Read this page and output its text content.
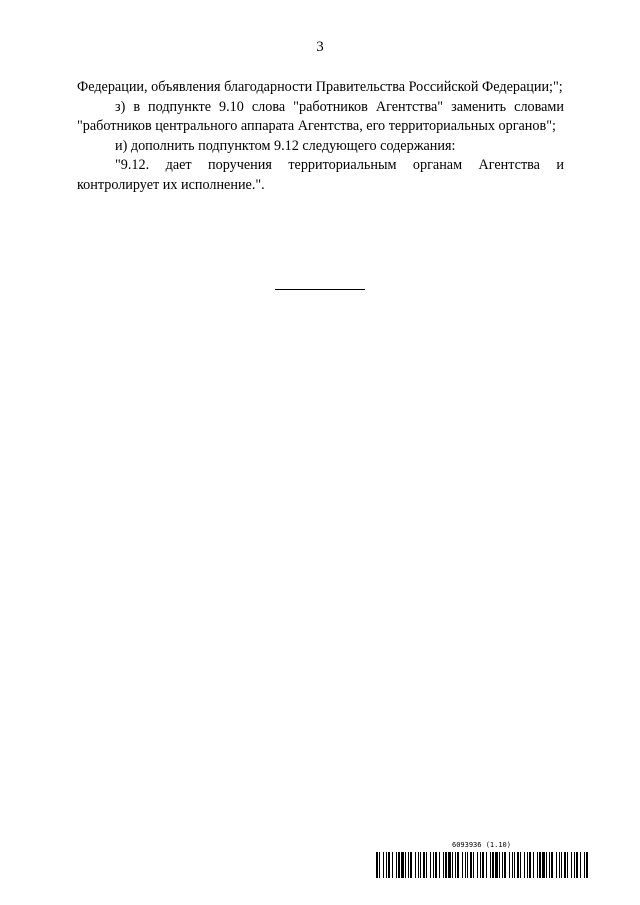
3

Федерации, объявления благодарности Правительства Российской Федерации;";

з) в подпункте 9.10 слова "работников Агентства" заменить словами "работников центрального аппарата Агентства, его территориальных органов";

и) дополнить подпунктом 9.12 следующего содержания:

"9.12. дает поручения территориальным органам Агентства и контролирует их исполнение.".

6093936 (1.10)
